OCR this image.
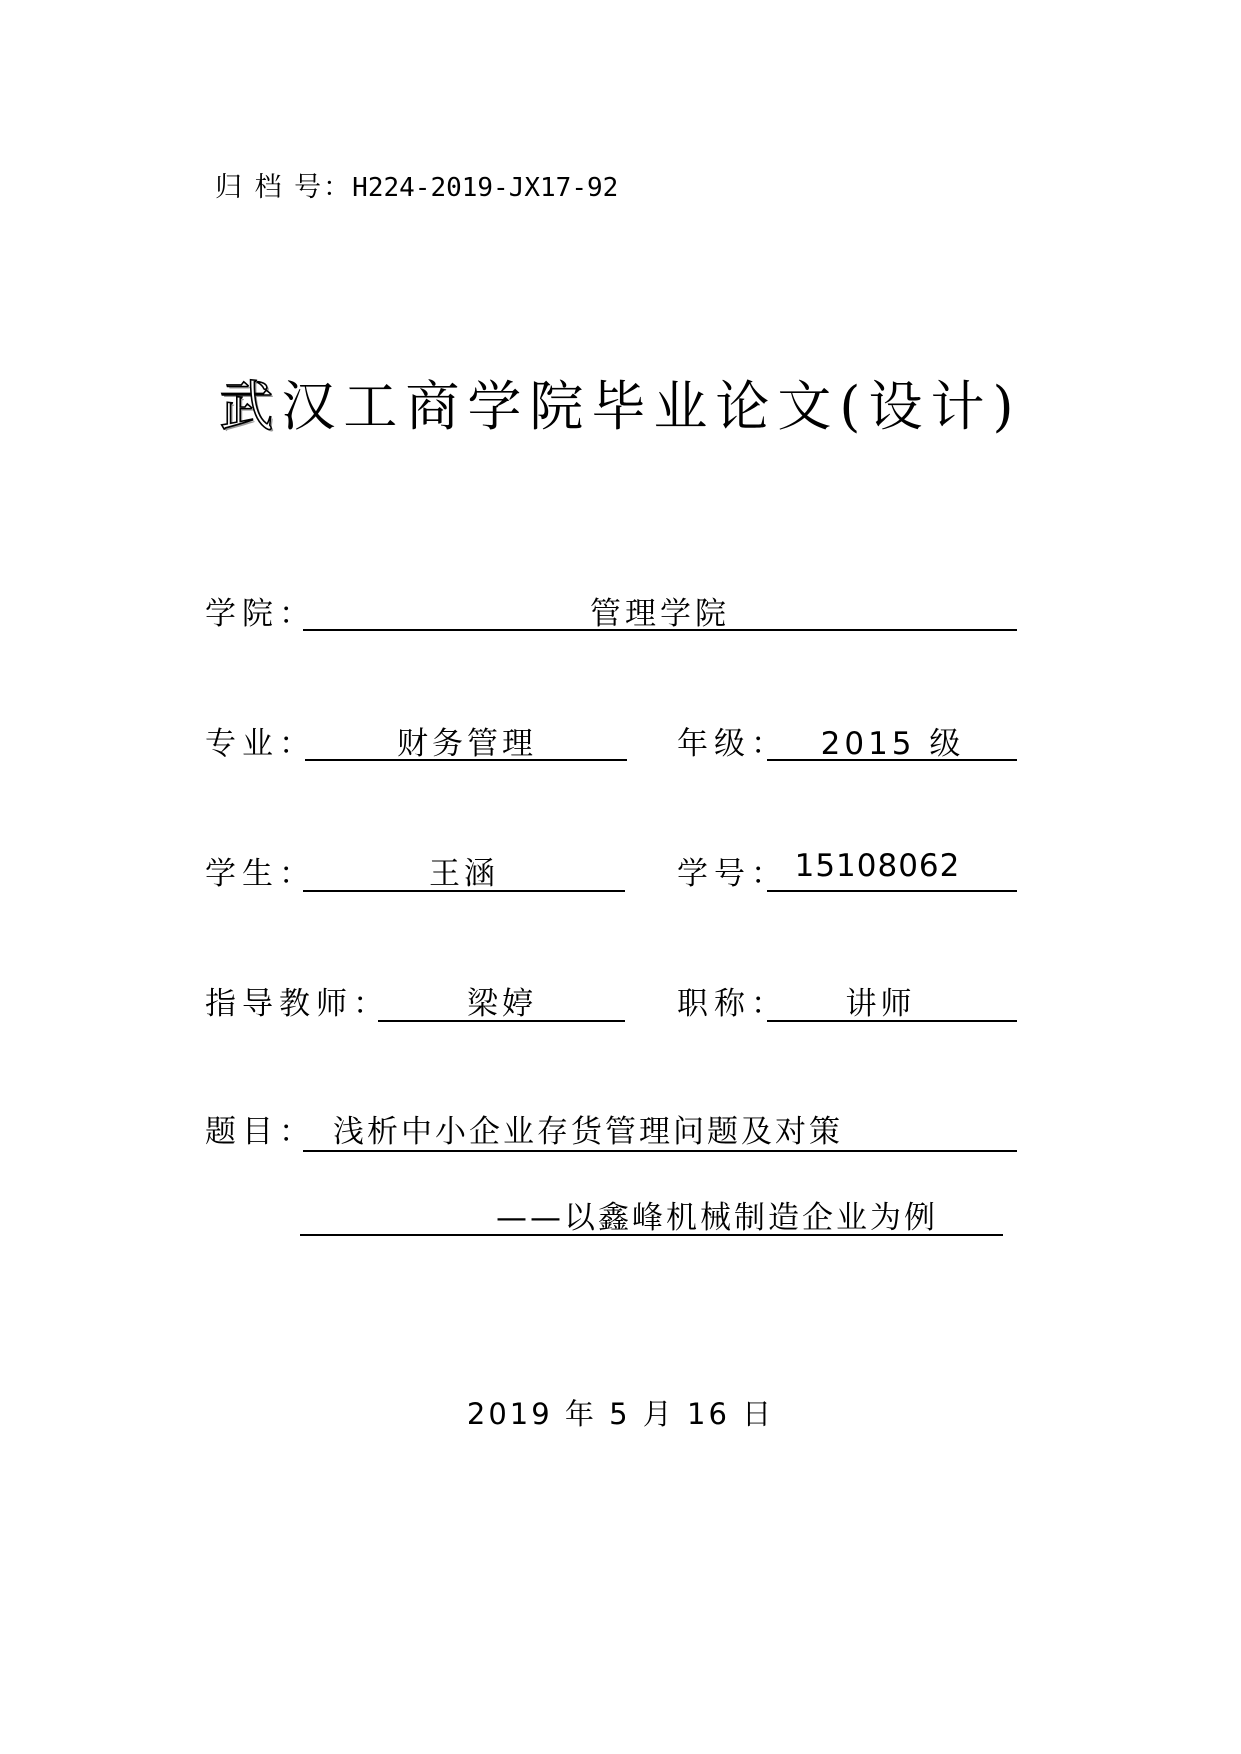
归 档 号：H224-2019-JX17-92
武汉工商学院毕业论文(设计)
学院：	管理学院
专业：	财务管理	年级：	2015 级
学生：	王涵	学号： 15108062
指导教师：	梁婷	职称：	讲师
题目： 浅析中小企业存货管理问题及对策
——以鑫峰机械制造企业为例
2019 年 5 月 16 日
